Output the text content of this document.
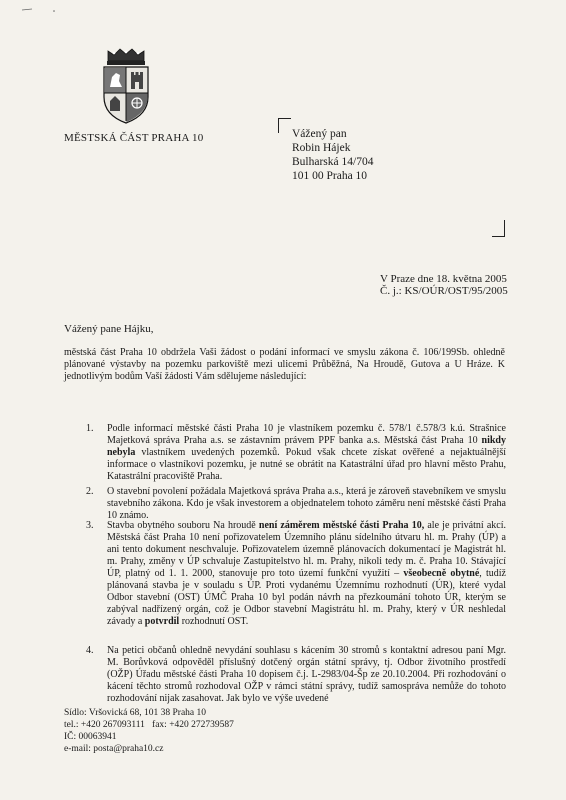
MĚSTSKÁ ČÁST PRAHA 10	Vážený pan
Robin Hájek
Bulharská 14/704
101 00 Praha 10
V Praze dne 18. května 2005
Č. j.: KS/OÚR/OST/95/2005
Vážený pane Hájku,
městská část Praha 10 obdržela Vaši žádost o podání informací ve smyslu zákona č. 106/199Sb. ohledně plánované výstavby na pozemku parkoviště mezi ulicemi Průběžná, Na Hroudě, Gutova a U Hráze. K jednotlivým bodům Vaší žádosti Vám sdělujeme následující:
1.	Podle informací městské části Praha 10 je vlastníkem pozemku č. 578/1 č.578/3 k.ú. Strašnice Majetková správa Praha a.s. se zástavním právem PPF banka a.s. Městská část Praha 10 nikdy nebyla vlastníkem uvedených pozemků. Pokud však chcete získat ověřené a nejaktuálnější informace o vlastníkovi pozemku, je nutné se obrátit na Katastrální úřad pro hlavní město Prahu, Katastrální pracoviště Praha.
2.	O stavební povolení požádala Majetková správa Praha a.s., která je zároveň stavebníkem ve smyslu stavebního zákona. Kdo je však investorem a objednatelem tohoto záměru není městské části Praha 10 známo.
3.	Stavba obytného souboru Na hroudě není záměrem městské části Praha 10, ale je privátní akcí. Městská část Praha 10 není pořizovatelem Územního plánu sídelního útvaru hl. m. Prahy (ÚP) a ani tento dokument neschvaluje. Pořizovatelem územně plánovacích dokumentací je Magistrát hl. m. Prahy, změny v ÚP schvaluje Zastupitelstvo hl. m. Prahy, nikoli tedy m. č. Praha 10. Stávající ÚP, platný od 1. 1. 2000, stanovuje pro toto území funkční využití – všeobecně obytné, tudíž plánovaná stavba je v souladu s ÚP. Proti vydanému Územnímu rozhodnutí (ÚR), které vydal Odbor stavební (OST) ÚMČ Praha 10 byl podán návrh na přezkoumání tohoto ÚR, kterým se zabýval nadřízený orgán, což je Odbor stavební Magistrátu hl. m. Prahy, který v ÚR neshledal závady a potvrdil rozhodnutí OST.
4.	Na petici občanů ohledně nevydání souhlasu s kácením 30 stromů s kontaktní adresou paní Mgr. M. Borůvková odpověděl příslušný dotčený orgán státní správy, tj. Odbor životního prostředí (OŽP) Úřadu městské části Praha 10 dopisem č.j. L-2983/04-Šp ze 20.10.2004. Při rozhodování o kácení těchto stromů rozhodoval OŽP v rámci státní správy, tudíž samosprávа nemůže do tohoto rozhodování nijak zasahovat. Jak bylo ve výše uvedené
Sídlo: Vršovická 68, 101 38 Praha 10
tel.: +420 267093111 fax: +420 272739587
IČ: 00063941
e-mail: posta@praha10.cz
